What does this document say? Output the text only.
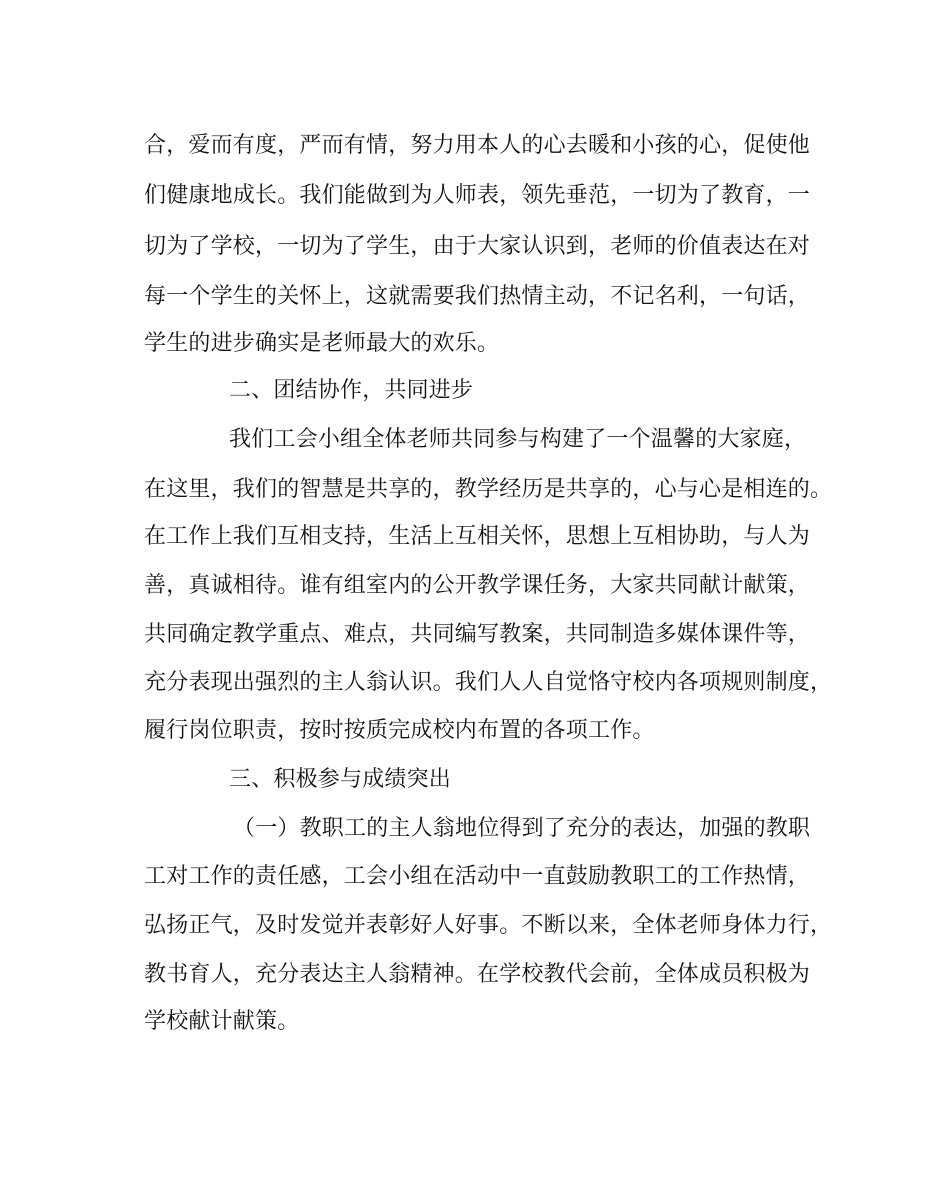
合，爱而有度，严而有情，努力用本人的心去暖和小孩的心，促使他
们健康地成长。我们能做到为人师表，领先垂范，一切为了教育，一
切为了学校，一切为了学生，由于大家认识到，老师的价值表达在对
每一个学生的关怀上，这就需要我们热情主动，不记名利，一句话，
学生的进步确实是老师最大的欢乐。
二、团结协作，共同进步
我们工会小组全体老师共同参与构建了一个温馨的大家庭，
在这里，我们的智慧是共享的，教学经历是共享的，心与心是相连的。
在工作上我们互相支持，生活上互相关怀，思想上互相协助，与人为
善，真诚相待。谁有组室内的公开教学课任务，大家共同献计献策，
共同确定教学重点、难点，共同编写教案，共同制造多媒体课件等，
充分表现出强烈的主人翁认识。我们人人自觉恪守校内各项规则制度，
履行岗位职责，按时按质完成校内布置的各项工作。
三、积极参与成绩突出
（一）教职工的主人翁地位得到了充分的表达，加强的教职
工对工作的责任感，工会小组在活动中一直鼓励教职工的工作热情，
弘扬正气，及时发觉并表彰好人好事。不断以来，全体老师身体力行，
教书育人，充分表达主人翁精神。在学校教代会前，全体成员积极为
学校献计献策。
